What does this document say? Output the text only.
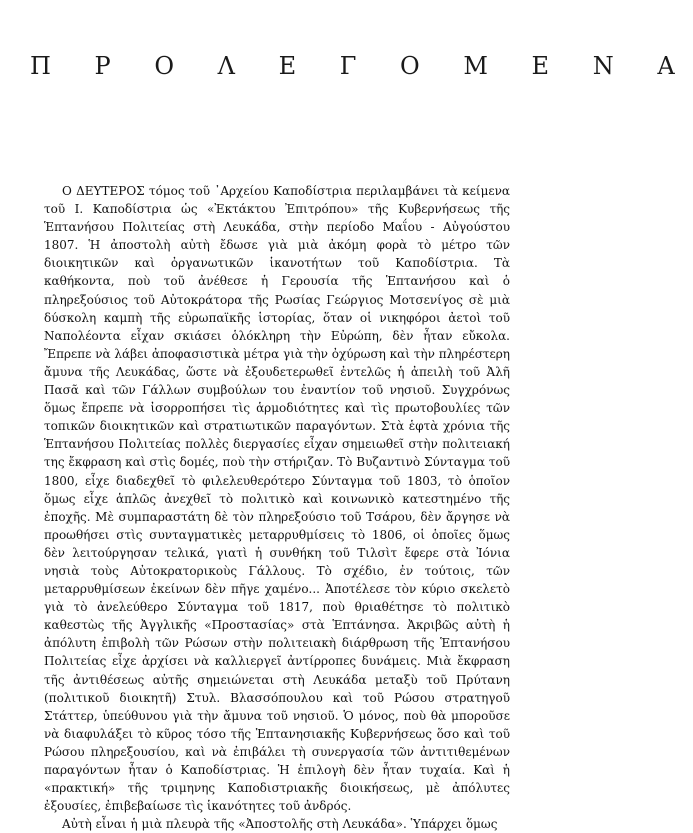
Π Ρ Ο Λ Ε Γ Ο Μ Ε Ν Α

Ο ΔΕΥΤΕΡΟΣ τόμος τοῦ ᾿Αρχείου Καποδίστρια περιλαμβάνει τὰ κείμενα τοῦ Ι. Καποδίστρια ὡς «Ἐκτάκτου Ἐπιτρόπου» τῆς Κυβερνήσεως τῆς Ἑπτανήσου Πολιτείας στὴ Λευκάδα, στὴν περίοδο Μαΐου - Αὐγούστου 1807. Ἡ ἀποστολὴ αὐτὴ ἔδωσε γιὰ μιὰ ἀκόμη φορὰ τὸ μέτρο τῶν διοικητικῶν καὶ ὀργανωτικῶν ἱκανοτήτων τοῦ Καποδίστρια. Τὰ καθήκοντα, ποὺ τοῦ ἀνέθεσε ἡ Γερουσία τῆς Ἑπτανήσου καὶ ὁ πληρεξούσιος τοῦ Αὐτοκράτορα τῆς Ρωσίας Γεώργιος Μοτσενίγος σὲ μιὰ δύσκολη καμπὴ τῆς εὐρωπαϊκῆς ἱστορίας, ὅταν οἱ νικηφόροι ἀετοὶ τοῦ Ναπολέοντα εἶχαν σκιάσει ὁλόκληρη τὴν Εὐρώπη, δὲν ἦταν εὔκολα. Ἔπρεπε νὰ λάβει ἀποφασιστικὰ μέτρα γιὰ τὴν ὀχύρωση καὶ τὴν πληρέστερη ἄμυνα τῆς Λευκάδας, ὥστε νὰ ἐξουδετερωθεῖ ἐντελῶς ἡ ἀπειλὴ τοῦ Ἀλῆ Πασᾶ καὶ τῶν Γάλλων συμβούλων του ἐναντίον τοῦ νησιοῦ. Συγχρόνως ὅμως ἔπρεπε νὰ ἰσορροπήσει τὶς ἁρμοδιότητες καὶ τὶς πρωτοβουλίες τῶν τοπικῶν διοικητικῶν καὶ στρατιωτικῶν παραγόντων. Στὰ ἑφτὰ χρόνια τῆς Ἑπτανήσου Πολιτείας πολλὲς διεργασίες εἶχαν σημειωθεῖ στὴν πολιτειακή της ἔκφραση καὶ στὶς δομές, ποὺ τὴν στήριζαν. Τὸ Βυζαντινὸ Σύνταγμα τοῦ 1800, εἶχε διαδεχθεῖ τὸ φιλελευθερότερο Σύνταγμα τοῦ 1803, τὸ ὁποῖον ὅμως εἶχε ἁπλῶς ἀνεχθεῖ τὸ πολιτικὸ καὶ κοινωνικὸ κατεστημένο τῆς ἐποχῆς. Μὲ συμπαραστάτη δὲ τὸν πληρεξούσιο τοῦ Τσάρου, δὲν ἄργησε νὰ προωθήσει στὶς συνταγματικὲς μεταρρυθμίσεις τὸ 1806, οἱ ὁποῖες ὅμως δὲν λειτούργησαν τελικά, γιατὶ ἡ συνθήκη τοῦ Τιλσὶτ ἔφερε στὰ Ἰόνια νησιὰ τοὺς Αὐτοκρατορικοὺς Γάλλους. Τὸ σχέδιο, ἐν τούτοις, τῶν μεταρρυθμίσεων ἐκείνων δὲν πῆγε χαμένο... Ἀποτέλεσε τὸν κύριο σκελετὸ γιὰ τὸ ἀνελεύθερο Σύνταγμα τοῦ 1817, ποὺ θριαθέτησε τὸ πολιτικὸ καθεστὼς τῆς Ἀγγλικῆς «Προστασίας» στὰ Ἑπτάνησα. Ἀκριβῶς αὐτὴ ἡ ἀπόλυτη ἐπιβολὴ τῶν Ρώσων στὴν πολιτειακὴ διάρθρωση τῆς Ἑπτανήσου Πολιτείας εἶχε ἀρχίσει νὰ καλλιεργεῖ ἀντίρροπες δυνάμεις. Μιὰ ἔκφραση τῆς ἀντιθέσεως αὐτῆς σημειώνεται στὴ Λευκάδα μεταξὺ τοῦ Πρύτανη (πολιτικοῦ διοικητῆ) Στυλ. Βλασσόπουλου καὶ τοῦ Ρώσου στρατηγοῦ Στάττερ, ὑπεύθυνου γιὰ τὴν ἄμυνα τοῦ νησιοῦ. Ὁ μόνος, ποὺ θὰ μποροῦσε νὰ διαφυλάξει τὸ κῦρος τόσο τῆς Ἑπτανησιακῆς Κυβερνήσεως ὅσο καὶ τοῦ Ρώσου πληρεξουσίου, καὶ νὰ ἐπιβάλει τὴ συνεργασία τῶν ἀντιτιθεμένων παραγόντων ἦταν ὁ Καποδίστριας. Ἡ ἐπιλογὴ δὲν ἦταν τυχαία. Καὶ ἡ «πρακτική» τῆς τριμηνης Καποδιστριακῆς διοικήσεως, μὲ ἀπόλυτες ἐξουσίες, ἐπιβεβαίωσε τὶς ἱκανότητες τοῦ ἀνδρός.

Αὐτὴ εἶναι ἡ μιὰ πλευρὰ τῆς «Ἀποστολῆς στὴ Λευκάδα». Ὑπάρχει ὅμως
